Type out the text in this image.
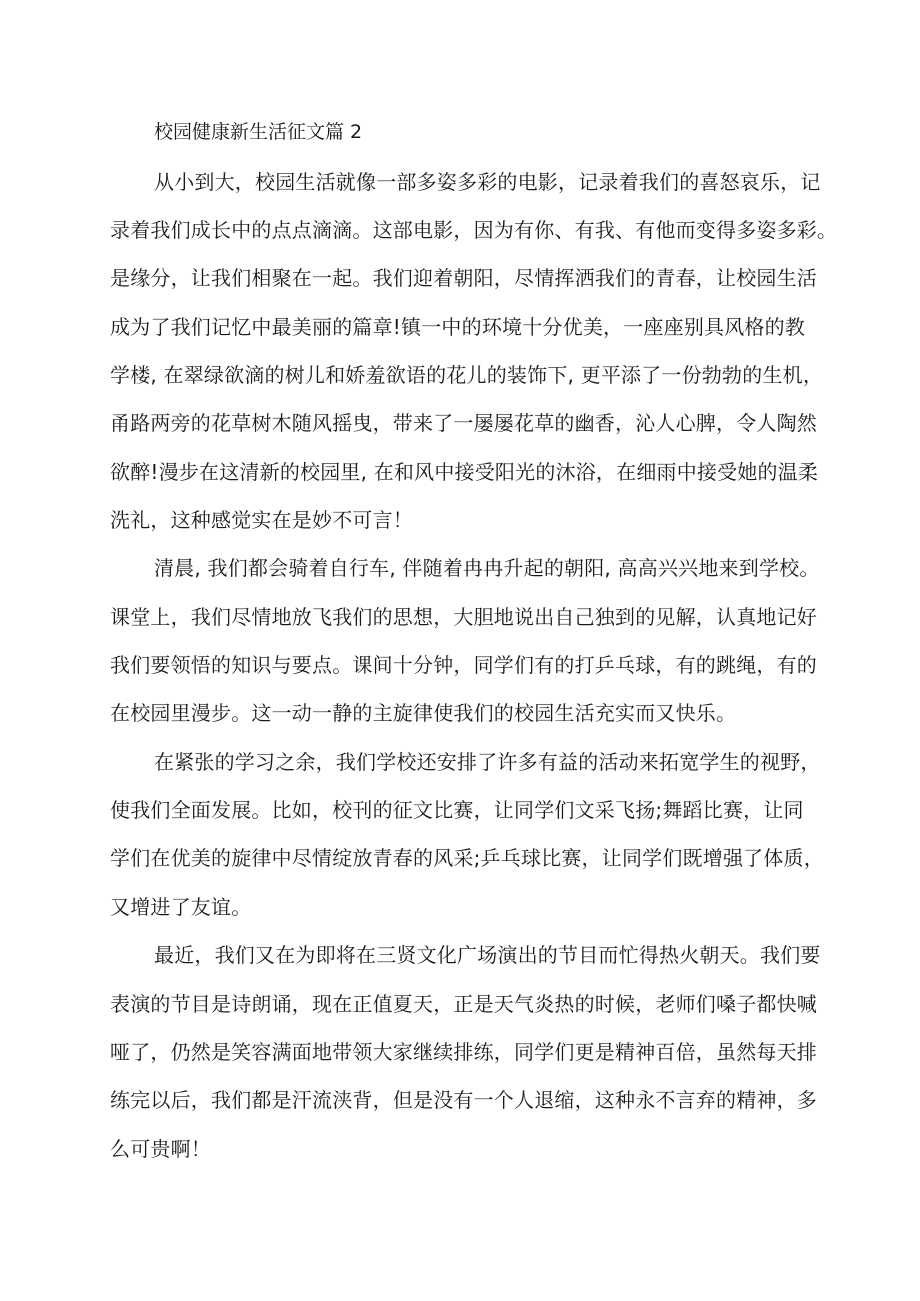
校园健康新生活征文篇 2
从小到大，校园生活就像一部多姿多彩的电影，记录着我们的喜怒哀乐，记
录着我们成长中的点点滴滴。这部电影，因为有你、有我、有他而变得多姿多彩。
是缘分，让我们相聚在一起。我们迎着朝阳，尽情挥洒我们的青春，让校园生活
成为了我们记忆中最美丽的篇章!镇一中的环境十分优美，一座座别具风格的教
学楼, 在翠绿欲滴的树儿和娇羞欲语的花儿的装饰下, 更平添了一份勃勃的生机，
甬路两旁的花草树木随风摇曳，带来了一屡屡花草的幽香，沁人心脾，令人陶然
欲醉!漫步在这清新的校园里, 在和风中接受阳光的沐浴，在细雨中接受她的温柔
洗礼，这种感觉实在是妙不可言！
清晨, 我们都会骑着自行车, 伴随着冉冉升起的朝阳, 高高兴兴地来到学校。
课堂上，我们尽情地放飞我们的思想，大胆地说出自己独到的见解，认真地记好
我们要领悟的知识与要点。课间十分钟，同学们有的打乒乓球，有的跳绳，有的
在校园里漫步。这一动一静的主旋律使我们的校园生活充实而又快乐。
在紧张的学习之余，我们学校还安排了许多有益的活动来拓宽学生的视野，
使我们全面发展。比如，校刊的征文比赛，让同学们文采飞扬;舞蹈比赛，让同
学们在优美的旋律中尽情绽放青春的风采;乒乓球比赛，让同学们既增强了体质，
又增进了友谊。
最近，我们又在为即将在三贤文化广场演出的节目而忙得热火朝天。我们要
表演的节目是诗朗诵，现在正值夏天，正是天气炎热的时候，老师们嗓子都快喊
哑了，仍然是笑容满面地带领大家继续排练，同学们更是精神百倍，虽然每天排
练完以后，我们都是汗流浃背，但是没有一个人退缩，这种永不言弃的精神，多
么可贵啊！
